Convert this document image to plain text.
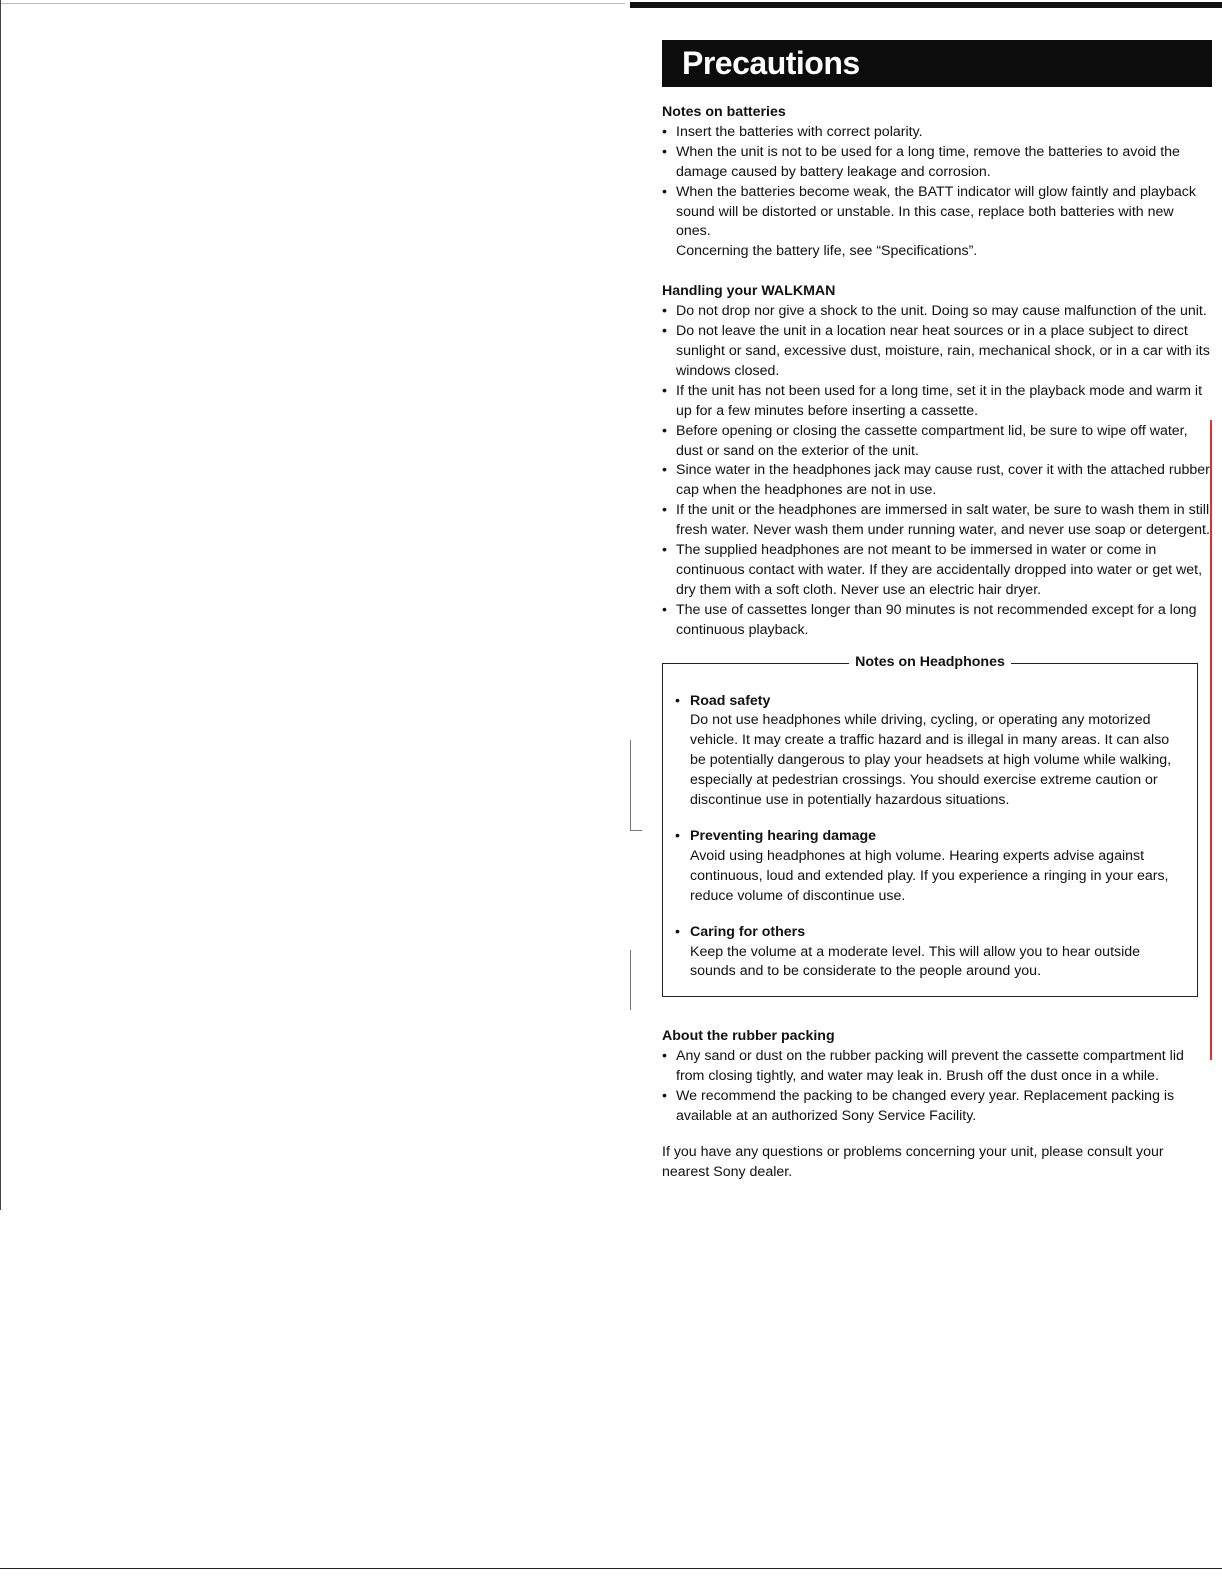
Precautions
Notes on batteries
• Insert the batteries with correct polarity.
• When the unit is not to be used for a long time, remove the batteries to avoid the damage caused by battery leakage and corrosion.
• When the batteries become weak, the BATT indicator will glow faintly and playback sound will be distorted or unstable. In this case, replace both batteries with new ones.
Concerning the battery life, see “Specifications”.
Handling your WALKMAN
• Do not drop nor give a shock to the unit. Doing so may cause malfunction of the unit.
• Do not leave the unit in a location near heat sources or in a place subject to direct sunlight or sand, excessive dust, moisture, rain, mechanical shock, or in a car with its windows closed.
• If the unit has not been used for a long time, set it in the playback mode and warm it up for a few minutes before inserting a cassette.
• Before opening or closing the cassette compartment lid, be sure to wipe off water, dust or sand on the exterior of the unit.
• Since water in the headphones jack may cause rust, cover it with the attached rubber cap when the headphones are not in use.
• If the unit or the headphones are immersed in salt water, be sure to wash them in still fresh water. Never wash them under running water, and never use soap or detergent.
• The supplied headphones are not meant to be immersed in water or come in continuous contact with water. If they are accidentally dropped into water or get wet, dry them with a soft cloth. Never use an electric hair dryer.
• The use of cassettes longer than 90 minutes is not recommended except for a long continuous playback.
Notes on Headphones
• Road safety
Do not use headphones while driving, cycling, or operating any motorized vehicle. It may create a traffic hazard and is illegal in many areas. It can also be potentially dangerous to play your headsets at high volume while walking, especially at pedestrian crossings. You should exercise extreme caution or discontinue use in potentially hazardous situations.
• Preventing hearing damage
Avoid using headphones at high volume. Hearing experts advise against continuous, loud and extended play. If you experience a ringing in your ears, reduce volume of discontinue use.
• Caring for others
Keep the volume at a moderate level. This will allow you to hear outside sounds and to be considerate to the people around you.
About the rubber packing
• Any sand or dust on the rubber packing will prevent the cassette compartment lid from closing tightly, and water may leak in. Brush off the dust once in a while.
• We recommend the packing to be changed every year. Replacement packing is available at an authorized Sony Service Facility.
If you have any questions or problems concerning your unit, please consult your nearest Sony dealer.
